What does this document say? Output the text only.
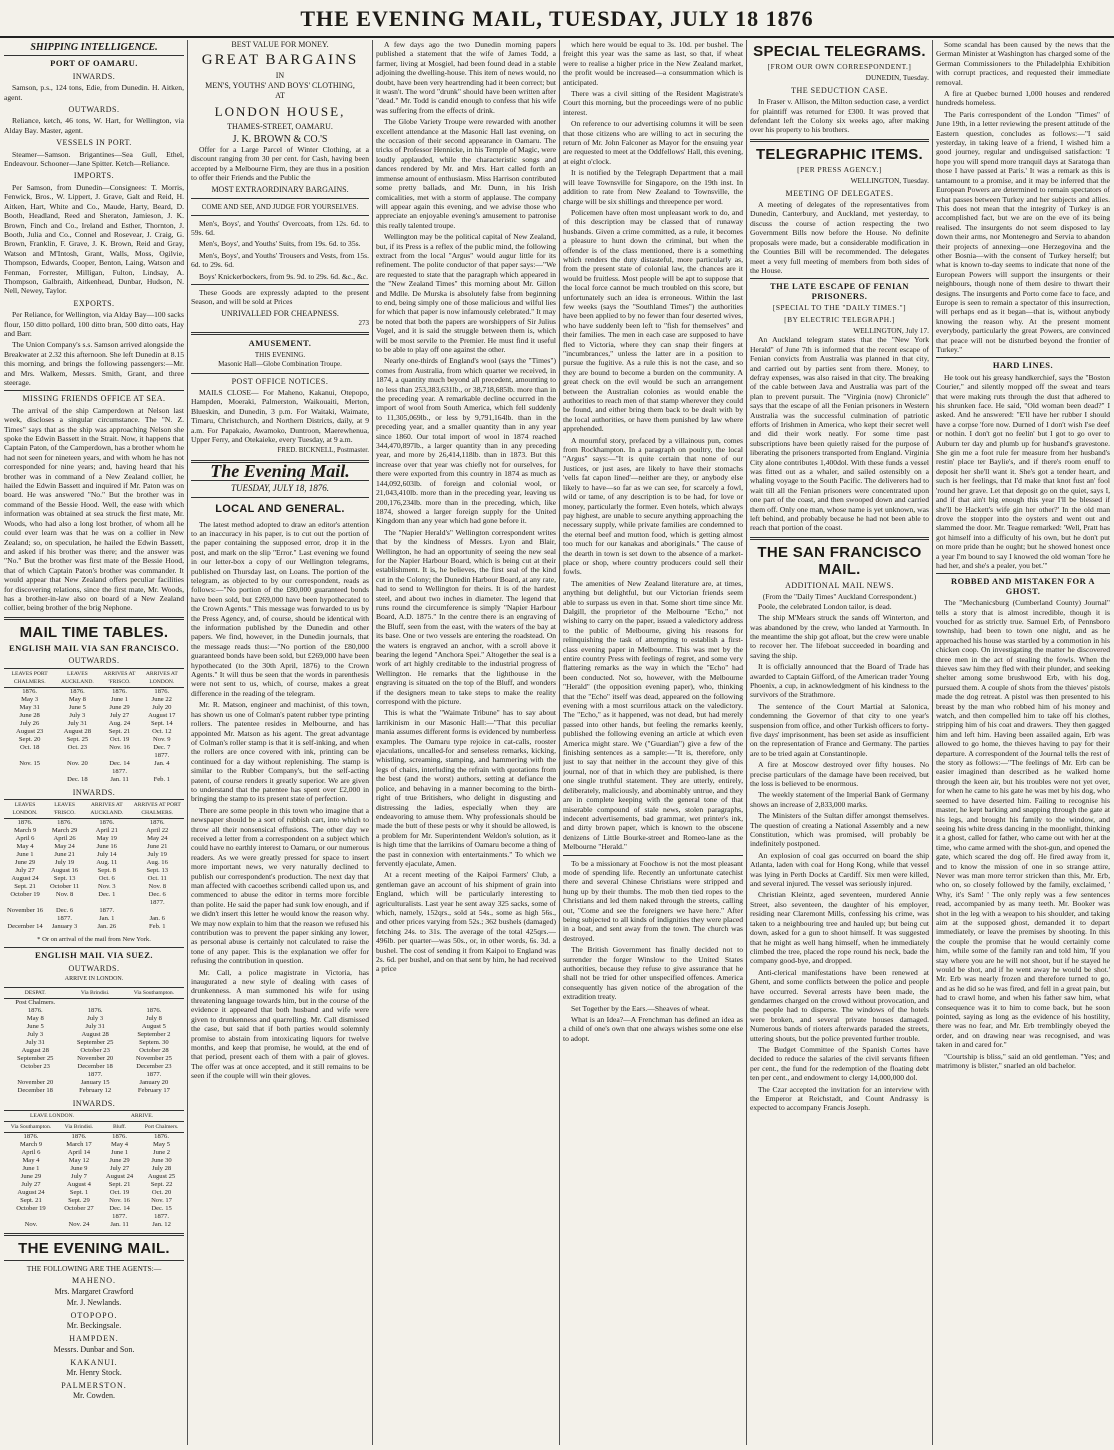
THE EVENING MAIL, TUESDAY, JULY 18 1876
SHIPPING INTELLIGENCE.
PORT OF OAMARU.
INWARDS.

Samson, p.s., 124 tons, Edie, from Dunedin. H. Aitken, agent.

OUTWARDS.

Reliance, ketch, 46 tons, W. Hart, for Wellington, via Alday Bay. Master, agent.

VESSELS IN PORT.

Steamer—Samson. Brigantines—Sea Gull, Ethel, Endeavour. Schooner—Jane Spitter. Ketch—Reliance.

IMPORTS.

Per Samson, from Dunedin—Consignees: T. Morris, Fenwick, Bros., W. Lippert, J. Grave, Galt and Reid, H. Aitken, Hart, White and Co., Maude, Harty, Beard, D. Booth, Headland, Reed and Sheraton, Jamieson, J. K. Brown, Finch and Co., Ireland and Esther, Thornton, J. Booth, Julia and Co., Connel and Rosevear, J. Craig, G. Brown, Franklin, F. Grave, J. K. Brown, Reid and Gray, Watson and M'Intosh, Grant, Walls, Moss, Ogilvie, Thompson, Edwards, Cooper, Benton, Laing, Watson and Fenman, Forrester, Milligan, Fulton, Lindsay, A. Thompson, Galbraith, Aitkenhead, Dunbar, Hudson, N. Nell, Newey, Taylor.

EXPORTS.

Per Reliance, for Wellington, via Alday Bay—100 sacks flour, 150 ditto pollard, 100 ditto bran, 500 ditto oats, Hay and Barr.

The Union Company's s.s. Samson arrived alongside the Breakwater at 2.32 this afternoon. She left Dunedin at 8.15 this morning, and brings the following passengers:—Mr. and Mrs. Walkem, Messrs. Smith, Grant, and three steerage.

MISSING FRIENDS OFFICE AT SEA.

The arrival of the ship Camperdown at Nelson last week, discloses a singular circumstance. The "N. Z. Times" says that as the ship was approaching Nelson she spoke the Edwin Bassett in the Strait. Now, it happens that Captain Paton, of the Camperdown, has a brother whom he had not seen for nineteen years, and with whom he has not corresponded for nine years; and, having heard that his brother was in command of a New Zealand collier, he hailed the Edwin Bassett and inquired if Mr. Paton was on board. He was answered "No." But the brother was in command of the Bessie Hood. Well, the ease with which information was obtained at sea struck the first mate, Mr. Woods, who had also a long lost brother, of whom all he could ever learn was that he was on a collier in New Zealand; so, on speculation, he hailed the Edwin Bassett, and asked if his brother was there; and the answer was "No." But the brother was first mate of the Bessie Hood, that of which Captain Paton's brother was commander. It would appear that New Zealand offers peculiar facilities for discovering relations, since the first mate, Mr. Woods, has a brother-in-law also on board of a New Zealand collier, being brother of the brig Nephone.

MAIL TIME TABLES.
ENGLISH MAIL VIA SAN FRANCISCO.
OUTWARDS.
LEAVES PORT CHALMERS.	LEAVES AUCKLAND.	ARRIVES AT 'FRISCO.	ARRIVES AT LONDON.
1876.	1876.	1876.	1876.
May 3	May 8	June 1	June 22
May 31	June 5	June 29	July 20
June 28	July 3	July 27	August 17
July 26	July 31	Aug. 24	Sept. 14
August 23	August 28	Sept. 21	Oct. 12
Sept. 20	Sept. 25	Oct. 19	Nov. 9
Oct. 18	Oct. 23	Nov. 16	Dec. 7
			1877.
Nov. 15	Nov. 20	Dec. 14	Jan. 4
		1877.	
	Dec. 18	Jan. 11	Feb. 1
INWARDS.
LEAVES LONDON.	LEAVES 'FRISCO.	ARRIVES AT AUCKLAND.	ARRIVES AT PORT CHALMERS.
1876.	1876.	1876.	1876.
March 9	March 29	April 21	April 22
April 6	April 26	May 19	May 24
May 4	May 24	June 16	June 21
June 1	June 21	July 14	July 19
June 29	July 19	Aug. 11	Aug. 16
July 27	August 16	Sept. 8	Sept. 13
August 24	Sept. 13	Oct. 6	Oct. 11
Sept. 21	October 11	Nov. 3	Nov. 8
October 19	Nov. 8	Dec. 1	Dec. 6
			1877.
November 16	Dec. 6	1877.	
	1877.	Jan. 1	Jan. 6
December 14	January 3	Jan. 26	Feb. 1
* Or on arrival of the mail from New York.
ENGLISH MAIL VIA SUEZ.
OUTWARDS.
ARRIVE IN LONDON.
DESPAT.	Via Brindisi.	Via Southampton.
Post Chalmers.		
1876.	1876.	1876.
May 8	July 3	July 8
June 5	July 31	August 5
July 3	August 28	September 2
July 31	September 25	Septem. 30
August 28	October 23	October 28
September 25	November 20	November 25
October 23	December 18	December 23
	1877.	1877.
November 20	January 15	January 20
December 18	February 12	February 17
INWARDS.
LEAVE LONDON.		ARRIVE.	
Via Southampton.	Via Brindisi.	Bluff.	Port Chalmers.
1876.	1876.	1876.	1876.
March 9	March 17	May 4	May 5
April 6	April 14	June 1	June 2
May 4	May 12	June 29	June 30
June 1	June 9	July 27	July 28
June 29	July 7	August 24	August 25
July 27	August 4	Sept. 21	Sept. 22
August 24	Sept. 1	Oct. 19	Oct. 20
Sept. 21	Sept. 29	Nov. 16	Nov. 17
October 19	October 27	Dec. 14	Dec. 15
		1877.	1877.
Nov.	Nov. 24	Jan. 11	Jan. 12
THE EVENING MAIL.
THE FOLLOWING ARE THE AGENTS:—
MAHENO.
Mrs. Margaret Crawford
Mr. J. Newlands.
OTOPOPO.
Mr. Beckingsale.
HAMPDEN.
Messrs. Dunbar and Son.
KAKANUI.
Mr. Henry Stock.
PALMERSTON.
Mr. Cowden.
BEST VALUE FOR MONEY.
GREAT BARGAINS
IN
MEN'S, YOUTHS' AND BOYS' CLOTHING,
AT
LONDON HOUSE,
THAMES-STREET, OAMARU.
J. K. BROWN & CO.'S

Offer for a Large Parcel of Winter Clothing, at a discount ranging from 30 per cent. for Cash, having been accepted by a Melbourne Firm, they are thus in a position to offer their Friends and the Public the

MOST EXTRAORDINARY BARGAINS.
COME AND SEE, AND JUDGE FOR YOURSELVES.

Men's, Boys', and Youths' Overcoats, from 12s. 6d. to 59s. 6d.

Men's, Boys', and Youths' Suits, from 19s. 6d. to 35s.

Men's, Boys', and Youths' Trousers and Vests, from 15s. 6d. to 29s. 6d.

Boys' Knickerbockers, from 9s. 9d. to 29s. 6d. &c., &c.

These Goods are expressly adapted to the present Season, and will be sold at Prices

UNRIVALLED FOR CHEAPNESS.
273
AMUSEMENT.
THIS EVENING.
Masonic Hall—Globe Combination Troupe.
POST OFFICE NOTICES.

MAILS CLOSE— For Maheno, Kakanui, Otepopo, Hampden, Moeraki, Palmerston, Waikouaiti, Merton, Blueskin, and Dunedin, 3 p.m. For Waitaki, Waimate, Timaru, Christchurch, and Northern Districts, daily, at 9 a.m. For Papakaio, Awamoko, Duntroon, Maerewhenua, Upper Ferry, and Otekaieke, every Tuesday, at 9 a.m.

FRED. BICKNELL, Postmaster.
The Evening Mail.
TUESDAY, JULY 18, 1876.
LOCAL AND GENERAL.

The latest method adopted to draw an editor's attention to an inaccuracy in his paper, is to cut out the portion of the paper containing the supposed error, drop it in the post, and mark on the slip "Error." Last evening we found in our letter-box a copy of our Wellington telegrams, published on Thursday last, on Loans. The portion of the telegram, as objected to by our correspondent, reads as follows:—"No portion of the £80,000 guaranteed bonds have been sold, but £269,000 have been hypothecated to the Crown Agents." This message was forwarded to us by the Press Agency, and, of course, should be identical with the information published by the Dunedin and other papers. We find, however, in the Dunedin journals, that the message reads thus:—"No portion of the £80,000 guaranteed bonds have been sold, but £269,000 have been hypothecated (to the 30th April, 1876) to the Crown Agents." It will thus be seen that the words in parenthesis were not sent to us, which, of course, makes a great difference in the reading of the telegram.

Mr. R. Matson, engineer and machinist, of this town, has shown us one of Colman's patent rubber type printing rollers. The patentee resides in Melbourne, and has appointed Mr. Matson as his agent. The great advantage of Colman's roller stamp is that it is self-inking, and when the rollers are once covered with ink, printing can be continued for a day without replenishing. The stamp is similar to the Rubber Company's, but the self-acting patent, of course renders it greatly superior. We are given to understand that the patentee has spent over £2,000 in bringing the stamp to its present state of perfection.

There are some people in this town who imagine that a newspaper should be a sort of rubbish cart, into which to throw all their nonsensical effusions. The other day we received a letter from a correspondent on a subject which could have no earthly interest to Oamaru, or our numerous readers. As we were greatly pressed for space to insert more important news, we very naturally declined to publish our correspondent's production. The next day that man affected with cacoethes scribendi called upon us, and commenced to abuse the editor in terms more forcible than polite. He said the paper had sunk low enough, and if we didn't insert this letter he would know the reason why. We may now explain to him that the reason we refused his contribution was to prevent the paper sinking any lower, as personal abuse is certainly not calculated to raise the tone of any paper. This is the explanation we offer for refusing the contribution in question.

Mr. Call, a police magistrate in Victoria, has inaugurated a new style of dealing with cases of drunkenness. A man summoned his wife for using threatening language towards him, but in the course of the evidence it appeared that both husband and wife were given to drunkenness and quarrelling. Mr. Call dismissed the case, but said that if both parties would solemnly promise to abstain from intoxicating liquors for twelve months, and keep that promise, he would, at the end of that period, present each of them with a pair of gloves. The offer was at once accepted, and it still remains to be seen if the couple will win their gloves.

A few days ago the two Dunedin morning papers published a statement that the wife of James Todd, a farmer, living at Mosgiel, had been found dead in a stable adjoining the dwelling-house. This item of news would, no doubt, have been very heartrending had it been correct; but it wasn't. The word "drunk" should have been written after "dead." Mr. Todd is candid enough to confess that his wife was suffering from the effects of drink.

The Globe Variety Troupe were rewarded with another excellent attendance at the Masonic Hall last evening, on the occasion of their second appearance in Oamaru. The tricks of Professor Hennicke, in his Temple of Magic, were loudly applauded, while the characteristic songs and dances rendered by Mr. and Mrs. Hart called forth an immense amount of enthusiasm. Miss Harrison contributed some pretty ballads, and Mr. Dunn, in his Irish comicalities, met with a storm of applause. The company will appear again this evening, and we advise those who appreciate an enjoyable evening's amusement to patronise this really talented troupe.

Wellington may be the political capital of New Zealand, but, if its Press is a reflex of the public mind, the following extract from the local "Argus" would augur little for its refinement. The polite conductor of that paper says:—"We are requested to state that the paragraph which appeared in the "New Zealand Times" this morning about Mr. Gillon and Mdlle. De Murska is absolutely false from beginning to end, being simply one of those malicious and wilful lies for which that paper is now infamously celebrated." It may be noted that both the papers are worshippers of Sir Julius Vogel, and it is said the struggle between them is, which will be most servile to the Premier. He must find it useful to be able to play off one against the other.

Nearly one-thirds of England's wool (says the "Times") comes from Australia, from which quarter we received, in 1874, a quantity much beyond all precedent, amounting to no less than 253,383,631lb., or 38,718,685lb. more than in the preceding year. A remarkable decline occurred in the import of wool from South America, which fell suddenly to 11,305,069lb., or less by 9,791,164lb. than in the preceding year, and a smaller quantity than in any year since 1860. Our total import of wool in 1874 reached 344,470,897lb., a larger quantity than in any preceding year, and more by 26,414,118lb. than in 1873. But this increase over that year was chiefly not for ourselves, for there were exported from this country in 1874 as much as 144,092,603lb. of foreign and colonial wool, or 21,043,410lb. more than in the preceding year, leaving us 200,176,234lb. more than in the preceding, which, like 1874, showed a larger foreign supply for the United Kingdom than any year which had gone before it.

The "Napier Herald's" Wellington correspondent writes that by the kindness of Messrs. Lyon and Blair, Wellington, he had an opportunity of seeing the new seal for the Napier Harbour Board, which is being cut at their establishment. It is, he believes, the first seal of the kind cut in the Colony; the Dunedin Harbour Board, at any rate, had to send to Wellington for theirs. It is of the hardest steel, and about two inches in diameter. The legend that runs round the circumference is simply "Napier Harbour Board, A.D. 1875." In the centre there is an engraving of the Bluff, seen from the east, with the waters of the bay at its base. One or two vessels are entering the roadstead. On the waters is engraved an anchor, with a scroll above it bearing the legend "Anchora Spei." Altogether the seal is a work of art highly creditable to the industrial progress of Wellington. He remarks that the lighthouse in the engraving is situated on the top of the Bluff, and wonders if the designers mean to take steps to make the reality correspond with the picture.

This is what the "Waimate Tribune" has to say about larrikinism in our Masonic Hall:—"That this peculiar mania assumes different forms is evidenced by numberless examples. The Oamaru type rejoice in cat-calls, rooster ejaculations, uncalled-for and senseless remarks, kicking, whistling, screaming, stamping, and hammering with the legs of chairs, interluding the refrain with quotations from the best (and the worst) authors, setting at defiance the police, and behaving in a manner becoming to the birth-right of true Britishers, who delight in disgusting and distressing the ladies, especially when they are endeavoring to amuse them. Why professionals should be made the butt of these pests or why it should be allowed, is a problem for Mr. Superintendent Weldon's solution, as it is high time that the larrikins of Oamaru become a thing of the past in connexion with entertainments." To which we fervently ejaculate, Amen.

At a recent meeting of the Kaipoi Farmers' Club, a gentleman gave an account of his shipment of grain into England, which will be particularly interesting to agriculturalists. Last year he sent away 325 sacks, some of which, namely, 152qrs., sold at 54s., some as high 56s., and other prices varying from 52s.; 362 bushels (damaged) fetching 24s. to 31s. The average of the total 425qrs.—496lb. per quarter—was 50s., or, in other words, 6s. 3d. a bushel. The cost of sending it from Kaipoi to England was 2s. 6d. per bushel, and on that sent by him, he had received a price

which here would be equal to 3s. 10d. per bushel. The freight this year was the same as last, so that, if wheat were to realise a higher price in the New Zealand market, the profit would be increased—a consummation which is anticipated.

There was a civil sitting of the Resident Magistrate's Court this morning, but the proceedings were of no public interest.

On reference to our advertising columns it will be seen that those citizens who are willing to act in securing the return of Mr. John Falconer as Mayor for the ensuing year are requested to meet at the Oddfellows' Hall, this evening, at eight o'clock.

It is notified by the Telegraph Department that a mail will leave Townsville for Singapore, on the 19th inst. In addition to rate from New Zealand to Townsville, the charge will be six shillings and threepence per word.

Policemen have often most unpleasant work to do, and of this description may be classed that of runaway husbands. Given a crime committed, as a rule, it becomes a pleasure to hunt down the criminal, but when the offender is of the class mentioned, there is a something which renders the duty distasteful, more particularly as, from the present state of colonial law, the chances are it would be fruitless. Most people will be apt to suppose that the local force cannot be much troubled on this score, but unfortunately such an idea is erroneous. Within the last few weeks (says the "Southland Times") the authorities have been applied to by no fewer than four deserted wives, who have suddenly been left to "fish for themselves" and their families. The men in each case are supposed to have fled to Victoria, where they can snap their fingers at "incumbrances," unless the latter are in a position to pursue the fugitive. As a rule this is not the case, and so they are bound to become a burden on the community. A great check on the evil would be such an arrangement between the Australian colonies as would enable the authorities to reach men of that stamp wherever they could be found, and either bring them back to be dealt with by the local authorities, or have them punished by law where apprehended.

A mournful story, prefaced by a villainous pun, comes from Rockhampton. In a paragraph on poultry, the local "Argus" says:—"It is quite certain that none of our Justices, or just ases, are likely to have their stomachs 'vells fat capon lined'—neither are they, or anybody else likely to have—so far as we can see, for scarcely a fowl, wild or tame, of any description is to be had, for love or money, particularly the former. Even hotels, which always pay highest, are unable to secure anything approaching the necessary supply, while private families are condemned to the eternal beef and mutton food, which is getting almost too much for our kanakas and aboriginals." The cause of the dearth in town is set down to the absence of a market-place or shop, where country producers could sell their fowls.

The amenities of New Zealand literature are, at times, anything but delightful, but our Victorian friends seem able to surpass us even in that. Some short time since Mr. Dalgill, the proprietor of the Melbourne "Echo," not wishing to carry on the paper, issued a valedictory address to the public of Melbourne, giving his reasons for relinquishing the task of attempting to establish a first-class evening paper in Melbourne. This was met by the entire country Press with feelings of regret, and some very flattering remarks as the way in which the "Echo" had been conducted. Not so, however, with the Melbourne "Herald" (the opposition evening paper), who, thinking that the "Echo" itself was dead, appeared on the following evening with a most scurrilous attack on the valedictory. The "Echo," as it happened, was not dead, but had merely passed into other hands, but feeling the remarks keenly, published the following evening an article at which even America might stare. We ("Guardian") give a few of the finishing sentences as a sample:—"It is, therefore, only just to say that neither in the account they give of this journal, nor of that in which they are published, is there one single truthful statement. They are utterly, entirely, deliberately, maliciously, and abominably untrue, and they are in complete keeping with the general tone of that miserable compound of stale news, stolen paragraphs, indecent advertisements, bad grammar, wet printer's ink, and dirty brown paper, which is known to the obscene denizens of Little Bourke-street and Romeo-lane as the Melbourne "Herald."

To be a missionary at Foochow is not the most pleasant mode of spending life. Recently an unfortunate catechist there and several Chinese Christians were stripped and hung up by their thumbs. The mob then tied ropes to the Christians and led them naked through the streets, calling out, "Come and see the foreigners we have here." After being subjected to all kinds of indignities they were placed in a boat, and sent away from the town. The church was destroyed.

The British Government has finally decided not to surrender the forger Winslow to the United States authorities, because they refuse to give assurance that he shall not be tried for other unspecified offences. America consequently has given notice of the abrogation of the extradition treaty.

Set Together by the Ears.—Sheaves of wheat.

What is an Idea?—A Frenchman has defined an idea as a child of one's own that one always wishes some one else to adopt.

SPECIAL TELEGRAMS.
[FROM OUR OWN CORRESPONDENT.]
DUNEDIN, Tuesday.
THE SEDUCTION CASE.

In Fraser v. Allison, the Milton seduction case, a verdict for plaintiff was returned for £300. It was proved that defendant left the Colony six weeks ago, after making over his property to his brothers.

TELEGRAPHIC ITEMS.
[PER PRESS AGENCY.]
WELLINGTON, Tuesday.
MEETING OF DELEGATES.

A meeting of delegates of the representatives from Dunedin, Canterbury, and Auckland, met yesterday, to discuss the course of action respecting the two Government Bills now before the House. No definite proposals were made, but a considerable modification in the Counties Bill will be recommended. The delegates meet a very full meeting of members from both sides of the House.

THE LATE ESCAPE OF FENIAN PRISONERS.
[SPECIAL TO THE "DAILY TIMES."]
[BY ELECTRIC TELEGRAPH.]
WELLINGTON, July 17.

An Auckland telegram states that the "New York Herald" of June 7th is informed that the recent escape of Fenian convicts from Australia was planned in that city, and carried out by parties sent from there. Money, to defray expenses, was also raised in that city. The breaking of the cable between Java and Australia was part of the plan to prevent pursuit. The "Virginia (now) Chronicle" says that the escape of all the Fenian prisoners in Western Australia was the successful culmination of patriotic efforts of Irishmen in America, who kept their secret well and did their work neatly. For some time past subscriptions have been quietly raised for the purpose of liberating the prisoners transported from England. Virginia City alone contributes 1,400dol. With these funds a vessel was fitted out as a whaler, and sailed ostensibly on a whaling voyage to the South Pacific. The deliverers had to wait till all the Fenian prisoners were concentrated upon one part of the coast, and then swooped down and carried them off. Only one man, whose name is yet unknown, was left behind, and probably because he had not been able to reach that portion of the coast.

THE SAN FRANCISCO MAIL.
ADDITIONAL MAIL NEWS.
(From the "Daily Times" Auckland Correspondent.)

Poole, the celebrated London tailor, is dead.

The ship M'Mears struck the sands off Winterton, and was abandoned by the crew, who landed at Yarmouth. In the meantime the ship got afloat, but the crew were unable to recover her. The lifeboat succeeded in boarding and saving the ship.

It is officially announced that the Board of Trade has awarded to Captain Gifford, of the American trader Young Phoenix, a cup, in acknowledgment of his kindness to the survivors of the Strathmore.

The sentence of the Court Martial at Salonica, condemning the Governor of that city to one year's suspension from office, and other Turkish officers to forty-five days' imprisonment, has been set aside as insufficient on the representation of France and Germany. The parties are to be tried again at Constantinople.

A fire at Moscow destroyed over fifty houses. No precise particulars of the damage have been received, but the loss is believed to be enormous.

The weekly statement of the Imperial Bank of Germany shows an increase of 2,833,000 marks.

The Ministers of the Sultan differ amongst themselves. The question of creating a National Assembly and a new Constitution, which was promised, will probably be indefinitely postponed.

An explosion of coal gas occurred on board the ship Atlanta, laden with coal for Hong Kong, while that vessel was lying in Perth Docks at Cardiff. Six men were killed, and several injured. The vessel was seriously injured.

Christian Kleintz, aged seventeen, murdered Annie Street, also seventeen, the daughter of his employer, residing near Claremont Mills, confessing his crime, was taken to a neighbouring tree and hauled up; but being cut down, asked for a gun to shoot himself. It was suggested that he might as well hang himself, when he immediately climbed the tree, placed the rope round his neck, bade the company good-bye, and dropped.

Anti-clerical manifestations have been renewed at Ghent, and some conflicts between the police and people have occurred. Several arrests have been made, the gendarmes charged on the crowd without provocation, and the people had to disperse. The windows of the hotels were broken, and several private houses damaged. Numerous bands of rioters afterwards paraded the streets, uttering shouts, but the police prevented further trouble.

The Budget Committee of the Spanish Cortes have decided to reduce the salaries of the civil servants fifteen per cent., the fund for the redemption of the floating debt ten per cent., and endowment to clergy 14,000,000 dol.

The Czar accepted the invitation for an interview with the Emperor at Reichstadt, and Count Andrassy is expected to accompany Francis Joseph.

Some scandal has been caused by the news that the German Minister at Washington has charged some of the German Commissioners to the Philadelphia Exhibition with corrupt practices, and requested their immediate removal.

A fire at Quebec burned 1,000 houses and rendered hundreds homeless.

The Paris correspondent of the London "Times" of June 19th, in a letter reviewing the present attitude of the Eastern question, concludes as follows:—"I said yesterday, in taking leave of a friend, I wished him a good journey, regular and undisguised satisfaction: 'I hope you will spend more tranquil days at Saratoga than those I have passed at Paris.' It was a remark as this is tantamount to a promise, and it may be inferred that the European Powers are determined to remain spectators of what passes between Turkey and her subjects and allies. This does not mean that the integrity of Turkey is an accomplished fact, but we are on the eve of its being realised. The insurgents do not seem disposed to lay down their arms, nor Montenegro and Servia to abandon their projects of annexing—one Herzegovina and the other Bosnia—with the consent of Turkey herself; but what is known to-day seems to indicate that none of the European Powers will support the insurgents or their neighbours, though none of them desire to thwart their designs. The insurgents and Porto come face to face, and Europe is seen to remain a spectator of this insurrection, will perhaps end as it began—that is, without anybody knowing the reason why. At the present moment everybody, particularly the great Powers, are convinced that peace will not be disturbed beyond the frontier of Turkey."

HARD LINES.

He took out his greasy handkerchief, says the "Boston Courier," and silently mopped off the sweat and tears that were making ruts through the dust that adhered to his shrunken face. He said, "Old woman been dead?" I asked. And he answered: "E'll have her rubber I should have a corpse 'fore now. Durned of I don't wish I'se deef or nothin. I don't got no feelin' but I got to go over to Auburn ter day and plumb up for husband's gravestone. She gin me a foot rule fer measure from her husband's restin' place ter Baylie's, and if there's room enuff to deposit her she'll want it. She's got a tender heart, and such is her feelings, that I'd make that knot fust an' fool 'round her grave. Let that deposit go on the quiet, says I, and if that ain't big enough this year I'll be blessed if she'll be Hackett's wife gin her other?' In the old man drove the stopper into the oysters and went out and slammed the door. Mr. Teague remarked: 'Well, Pratt has got himself into a difficulty of his own, but he don't put on more pride than he ought; but he showed honest once a year I'm bound to say I knowed the old woman 'fore he had her, and she's a pealer, you bet.'"

ROBBED AND MISTAKEN FOR A GHOST.

The "Mechanicsburg (Cumberland County) Journal" tells a story that is almost incredible, though it is vouched for as strictly true. Samuel Erb, of Pennsboro township, had been to town one night, and as he approached his house was startled by a commotion in his chicken coop. On investigating the matter he discovered three men in the act of stealing the fowls. When the thieves saw him they fled with their plunder, and seeking shelter among some brushwood Erb, with his dog, pursued them. A couple of shots from the thieves' pistols made the dog retreat. A pistol was then presented to his breast by the man who robbed him of his money and watch, and then compelled him to take off his clothes, stripping him of his coat and drawers. They then gagged him and left him. Having been assailed again, Erb was allowed to go home, the thieves having to pay for their departure. A correspondent of the Journal tells the rest of the story as follows:—"The feelings of Mr. Erb can be easier imagined than described as he walked home through the keen air, but his troubles were not yet over, for when he came to his gate he was met by his dog, who seemed to have deserted him. Failing to recognise his master, he kept barking and snapping through the gate at his legs, and brought his family to the window, and seeing his white dress dancing in the moonlight, thinking it a ghost, called for father, who came out with her at the time, who came armed with the shot-gun, and opened the gate, which scared the dog off. He fired away from it, and to know the mission of one in so strange attire, Never was man more terror stricken than this, Mr. Erb, who on, so closely followed by the family, exclaimed, ' Why, it's Sam! ' The only reply was a few sentences read, accompanied by as many teeth. Mr. Booker was shot in the leg with a weapon to his shoulder, and taking aim at the supposed ghost, demanded it to depart immediately, or leave the premises by shooting. In this the couple the promise that he would certainly come him, while some of the family ran and told him, 'If you stay where you are he will not shoot, but if he stayed he would be shot, and if he went away he would be shot.' Mr. Erb was nearly frozen and therefore turned to go, and as he did so he was fired, and fell in a great pain, but had to crawl home, and when his father saw him, what consequence was it to him to come back, but he soon pointed, saying as long as the evidence of his hostility, there was no fear, and Mr. Erb tremblingly obeyed the order, and on drawing near was recognised, and was taken in and cared for."

"Courtship is bliss," said an old gentleman. "Yes; and matrimony is blister," snarled an old bachelor.
